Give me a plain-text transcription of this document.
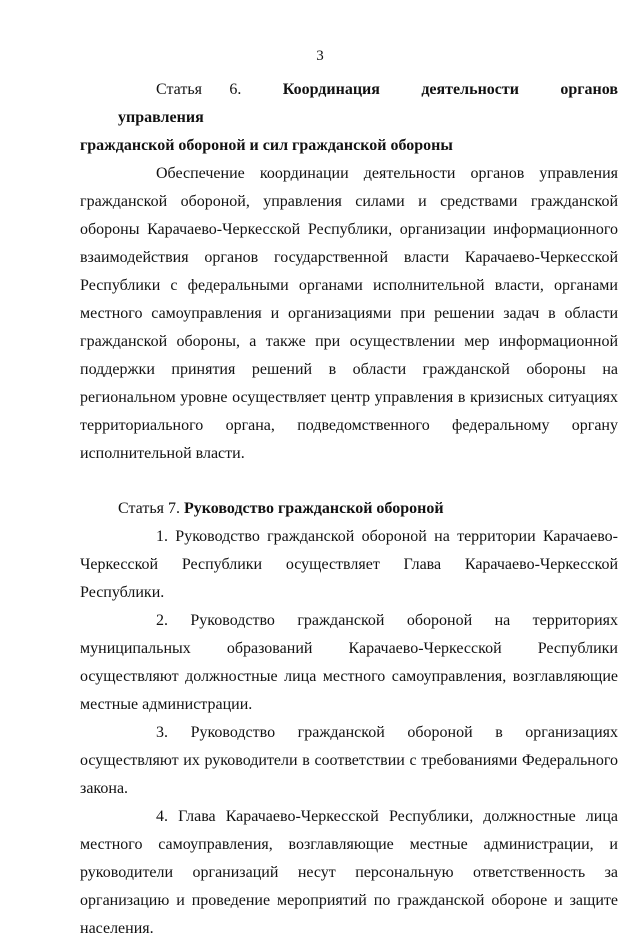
3
Статья 6.	Координация деятельности органов управления
гражданской обороной и сил гражданской обороны

Обеспечение координации деятельности органов управления гражданской обороной, управления силами и средствами гражданской обороны Карачаево-Черкесской Республики, организации информационного взаимодействия органов государственной власти Карачаево-Черкесской Республики с федеральными органами исполнительной власти, органами местного самоуправления и организациями при решении задач в области гражданской обороны, а также при осуществлении мер информационной поддержки принятия решений в области гражданской обороны на региональном уровне осуществляет центр управления в кризисных ситуациях территориального органа, подведомственного федеральному органу исполнительной власти.

Статья 7. Руководство гражданской обороной

1. Руководство гражданской обороной на территории Карачаево-Черкесской Республики осуществляет Глава Карачаево-Черкесской Республики.

2. Руководство гражданской обороной на территориях муниципальных образований Карачаево-Черкесской Республики осуществляют должностные лица местного самоуправления, возглавляющие местные администрации.

3. Руководство гражданской обороной в организациях осуществляют их руководители в соответствии с требованиями Федерального закона.

4. Глава Карачаево-Черкесской Республики, должностные лица местного самоуправления, возглавляющие местные администрации, и руководители организаций несут персональную ответственность за организацию и проведение мероприятий по гражданской обороне и защите населения.
